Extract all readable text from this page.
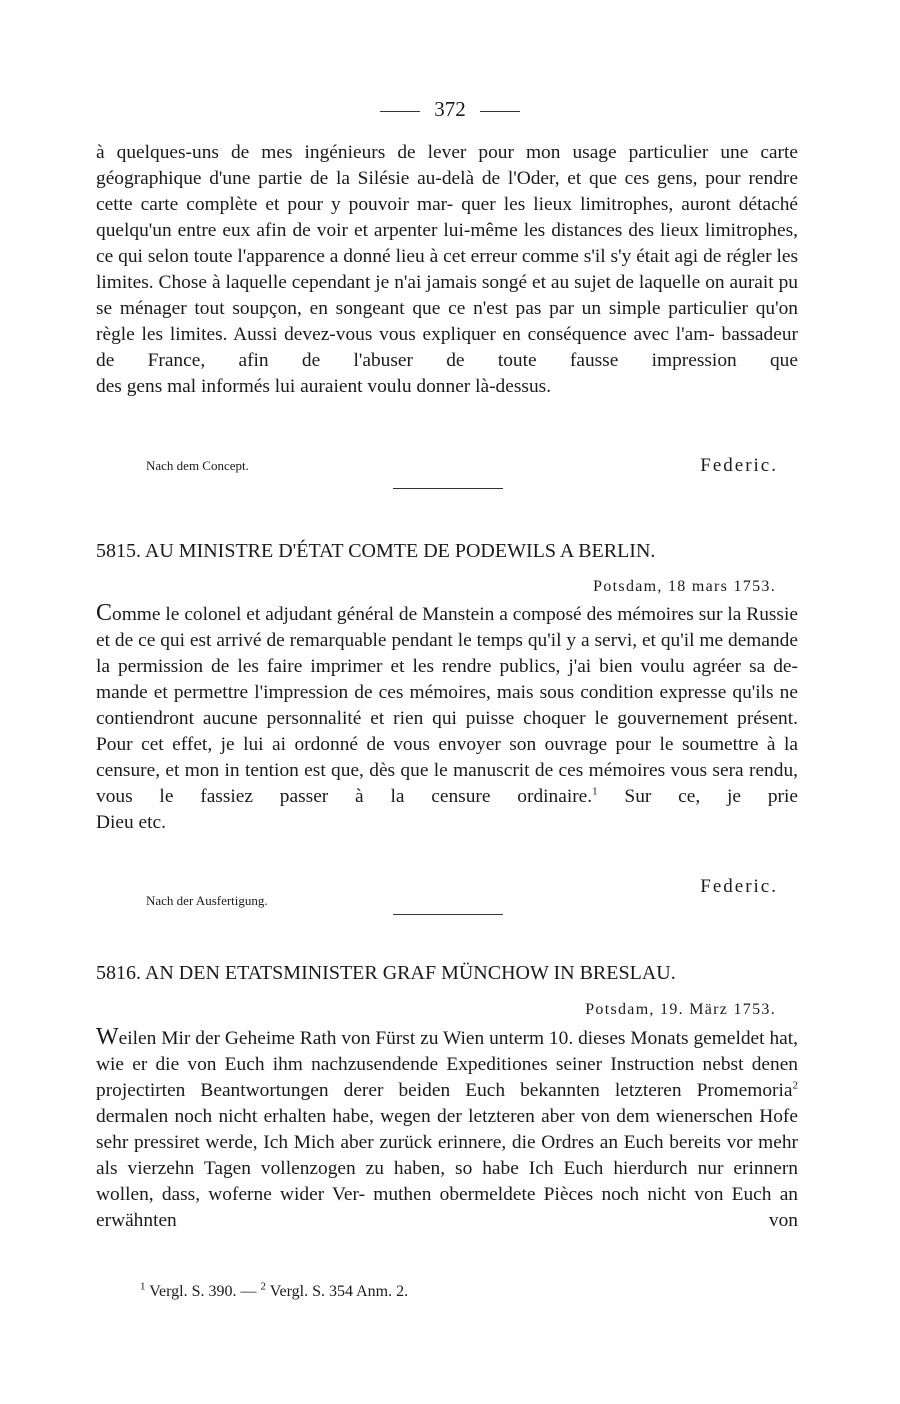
372
à quelques-uns de mes ingénieurs de lever pour mon usage particulier une carte géographique d'une partie de la Silésie au-delà de l'Oder, et que ces gens, pour rendre cette carte complète et pour y pouvoir mar- quer les lieux limitrophes, auront détaché quelqu'un entre eux afin de voir et arpenter lui-même les distances des lieux limitrophes, ce qui selon toute l'apparence a donné lieu à cet erreur comme s'il s'y était agi de régler les limites. Chose à laquelle cependant je n'ai jamais songé et au sujet de laquelle on aurait pu se ménager tout soupçon, en songeant que ce n'est pas par un simple particulier qu'on règle les limites. Aussi devez-vous vous expliquer en conséquence avec l'am- bassadeur de France, afin de l'abuser de toute fausse impression que
des gens mal informés lui auraient voulu donner là-dessus.
Nach dem Concept.	Federic.
5815. AU MINISTRE D'ÉTAT COMTE DE PODEWILS A BERLIN.
Potsdam, 18 mars 1753.
Comme le colonel et adjudant général de Manstein a composé des mémoires sur la Russie et de ce qui est arrivé de remarquable pendant le temps qu'il y a servi, et qu'il me demande la permission de les faire imprimer et les rendre publics, j'ai bien voulu agréer sa de- mande et permettre l'impression de ces mémoires, mais sous condition expresse qu'ils ne contiendront aucune personnalité et rien qui puisse choquer le gouvernement présent. Pour cet effet, je lui ai ordonné de vous envoyer son ouvrage pour le soumettre à la censure, et mon in tention est que, dès que le manuscrit de ces mémoires vous sera rendu, vous le fassiez passer à la censure ordinaire.$^1$ Sur ce, je prie
Dieu etc.
Federic.
Nach der Ausfertigung.
5816. AN DEN ETATSMINISTER GRAF MÜNCHOW IN BRESLAU.
Potsdam, 19. März 1753.
Weilen Mir der Geheime Rath von Fürst zu Wien unterm 10. dieses Monats gemeldet hat, wie er die von Euch ihm nachzusendende Expeditiones seiner Instruction nebst denen projectirten Beantwortungen derer beiden Euch bekannten letzteren Promemoria$^2$ dermalen noch nicht erhalten habe, wegen der letzteren aber von dem wienerschen Hofe sehr pressiret werde, Ich Mich aber zurück erinnere, die Ordres an Euch bereits vor mehr als vierzehn Tagen vollenzogen zu haben, so habe Ich Euch hierdurch nur erinnern wollen, dass, woferne wider Ver- muthen obermeldete Pièces noch nicht von Euch an erwähnten von
$^1$ Vergl. S. 390. — $^2$ Vergl. S. 354 Anm. 2.
